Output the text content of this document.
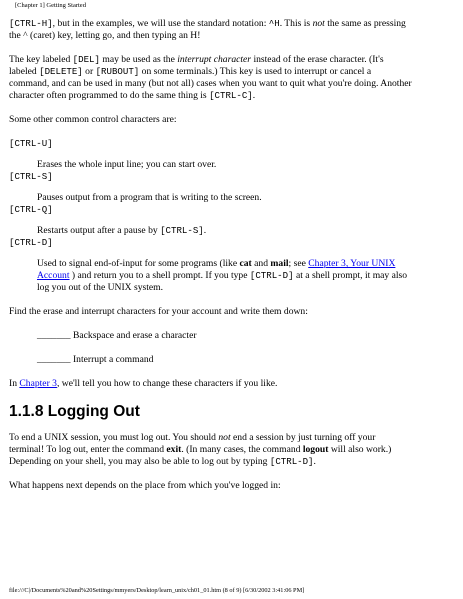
[Chapter 1] Getting Started

[CTRL-H], but in the examples, we will use the standard notation: ^H. This is not the same as pressing
the ^ (caret) key, letting go, and then typing an H!

The key labeled [DEL] may be used as the interrupt character instead of the erase character. (It's
labeled [DELETE] or [RUBOUT] on some terminals.) This key is used to interrupt or cancel a
command, and can be used in many (but not all) cases when you want to quit what you're doing. Another
character often programmed to do the same thing is [CTRL-C].

Some other common control characters are:

[CTRL-U]
Erases the whole input line; you can start over.
[CTRL-S]
Pauses output from a program that is writing to the screen.
[CTRL-Q]
Restarts output after a pause by [CTRL-S].
[CTRL-D]
Used to signal end-of-input for some programs (like cat and mail; see Chapter 3, Your UNIX
Account ) and return you to a shell prompt. If you type [CTRL-D] at a shell prompt, it may also
log you out of the UNIX system.

Find the erase and interrupt characters for your account and write them down:

_______ Backspace and erase a character

_______ Interrupt a command

In Chapter 3, we'll tell you how to change these characters if you like.

1.1.8 Logging Out

To end a UNIX session, you must log out. You should not end a session by just turning off your
terminal! To log out, enter the command exit. (In many cases, the command logout will also work.)
Depending on your shell, you may also be able to log out by typing [CTRL-D].

What happens next depends on the place from which you've logged in:

file:///C|/Documents%20and%20Settings/mmyers/Desktop/learn_unix/ch01_01.htm (8 of 9) [6/30/2002 3:41:06 PM]
